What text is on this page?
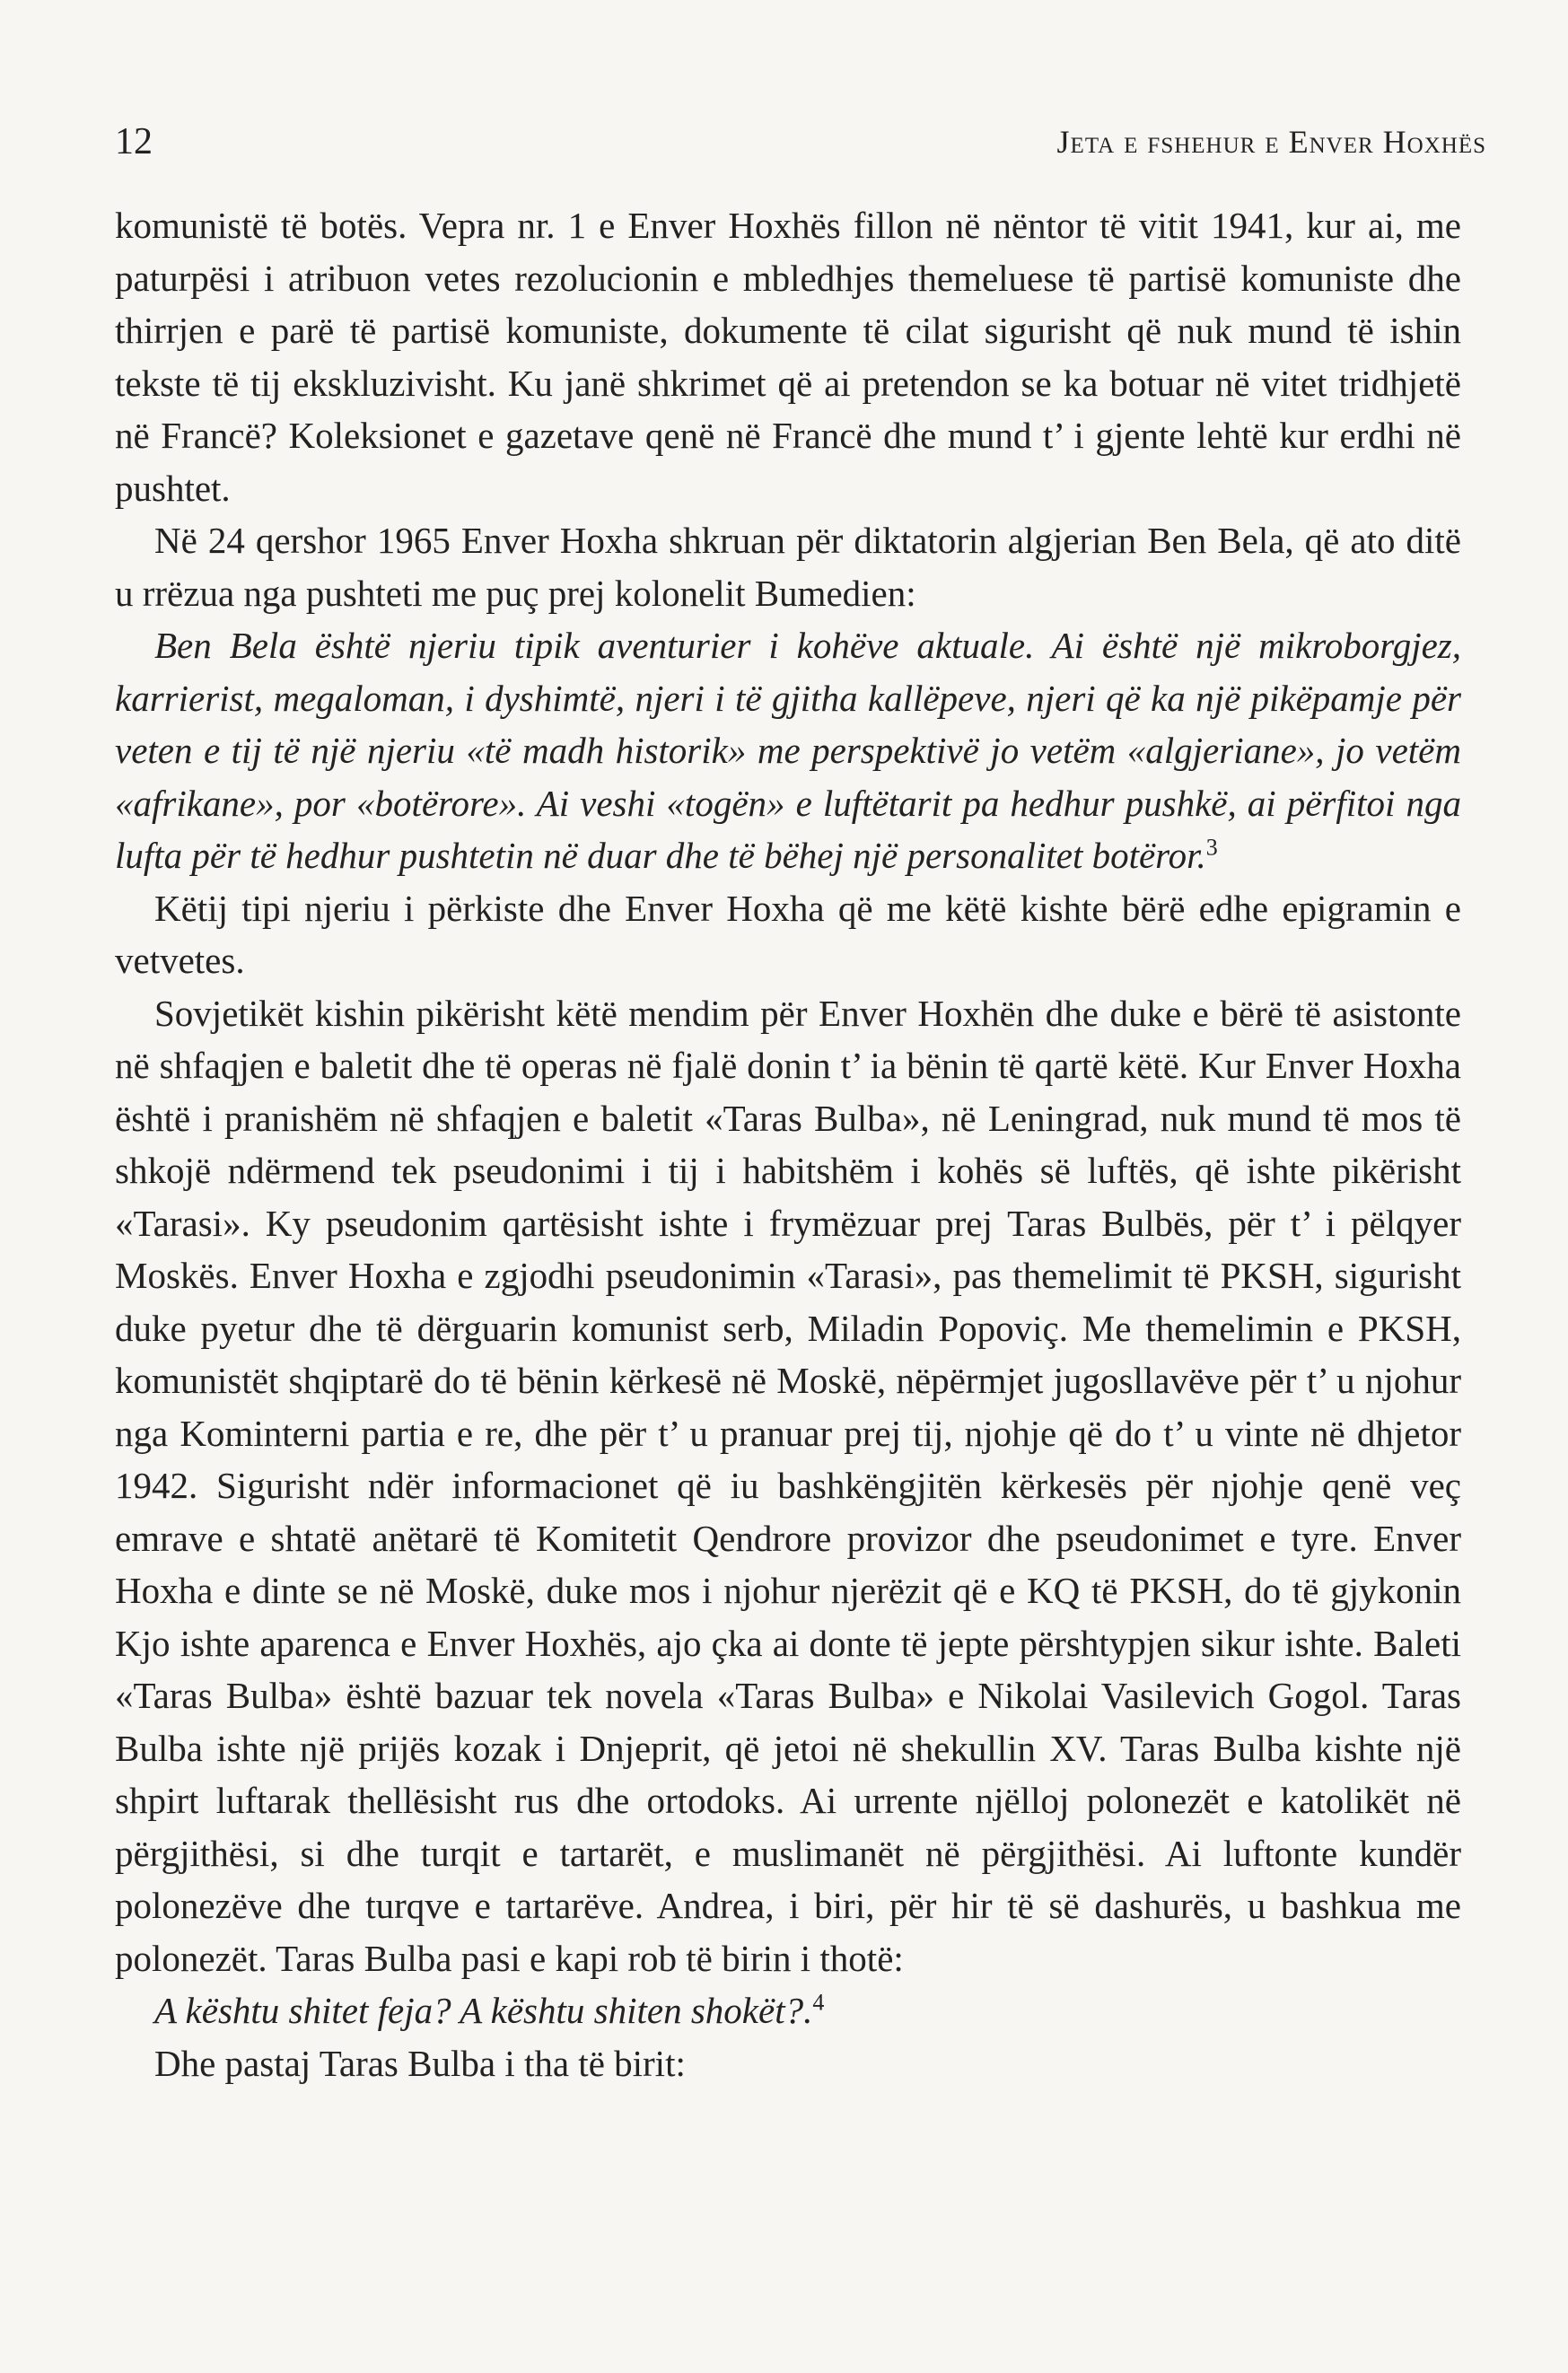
12	Jeta e fshehur e Enver Hoxhës

komunistë të botës. Vepra nr. 1 e Enver Hoxhës fillon në nëntor të vitit 1941, kur ai, me paturpësi i atribuon vetes rezolucionin e mbledhjes themeluese të partisë komuniste dhe thirrjen e parë të partisë komuniste, dokumente të cilat sigurisht që nuk mund të ishin tekste të tij ekskluzivisht. Ku janë shkrimet që ai pretendon se ka botuar në vitet tridhjetë në Francë? Koleksionet e gazetave qenë në Francë dhe mund t’ i gjente lehtë kur erdhi në pushtet.

Në 24 qershor 1965 Enver Hoxha shkruan për diktatorin algjerian Ben Bela, që ato ditë u rrëzua nga pushteti me puç prej kolonelit Bumedien:

Ben Bela është njeriu tipik aventurier i kohëve aktuale. Ai është një mikroborgjez, karrierist, megaloman, i dyshimtë, njeri i të gjitha kallëpeve, njeri që ka një pikëpamje për veten e tij të një njeriu «të madh historik» me perspektivë jo vetëm «algjeriane», jo vetëm «afrikane», por «botërore». Ai veshi «togën» e luftëtarit pa hedhur pushkë, ai përfitoi nga lufta për të hedhur pushtetin në duar dhe të bëhej një personalitet botëror.$^3$

Këtij tipi njeriu i përkiste dhe Enver Hoxha që me këtë kishte bërë edhe epigramin e vetvetes.

Sovjetikët kishin pikërisht këtë mendim për Enver Hoxhën dhe duke e bërë të asistonte në shfaqjen e baletit dhe të operas në fjalë donin t’ ia bënin të qartë këtë. Kur Enver Hoxha është i pranishëm në shfaqjen e baletit «Taras Bulba», në Leningrad, nuk mund të mos të shkojë ndërmend tek pseudonimi i tij i habitshëm i kohës së luftës, që ishte pikërisht «Tarasi». Ky pseudonim qartësisht ishte i frymëzuar prej Taras Bulbës, për t’ i pëlqyer Moskës. Enver Hoxha e zgjodhi pseudonimin «Tarasi», pas themelimit të PKSH, sigurisht duke pyetur dhe të dërguarin komunist serb, Miladin Popoviç. Me themelimin e PKSH, komunistët shqiptarë do të bënin kërkesë në Moskë, nëpërmjet jugosllavëve për t’ u njohur nga Kominterni partia e re, dhe për t’ u pranuar prej tij, njohje që do t’ u vinte në dhjetor 1942. Sigurisht ndër informacionet që iu bashkëngjitën kërkesës për njohje qenë veç emrave e shtatë anëtarë të Komitetit Qendrore provizor dhe pseudonimet e tyre. Enver Hoxha e dinte se në Moskë, duke mos i njohur njerëzit që e KQ të PKSH, do të gjykonin Kjo ishte aparenca e Enver Hoxhës, ajo çka ai donte të jepte përshtypjen sikur ishte. Baleti «Taras Bulba» është bazuar tek novela «Taras Bulba» e Nikolai Vasilevich Gogol. Taras Bulba ishte një prijës kozak i Dnjeprit, që jetoi në shekullin XV. Taras Bulba kishte një shpirt luftarak thellësisht rus dhe ortodoks. Ai urrente njëlloj polonezët e katolikët në përgjithësi, si dhe turqit e tartarët, e muslimanët në përgjithësi. Ai luftonte kundër polonezëve dhe turqve e tartarëve. Andrea, i biri, për hir të së dashurës, u bashkua me polonezët. Taras Bulba pasi e kapi rob të birin i thotë:

A kështu shitet feja? A kështu shiten shokët?.$^4$

Dhe pastaj Taras Bulba i tha të birit:
